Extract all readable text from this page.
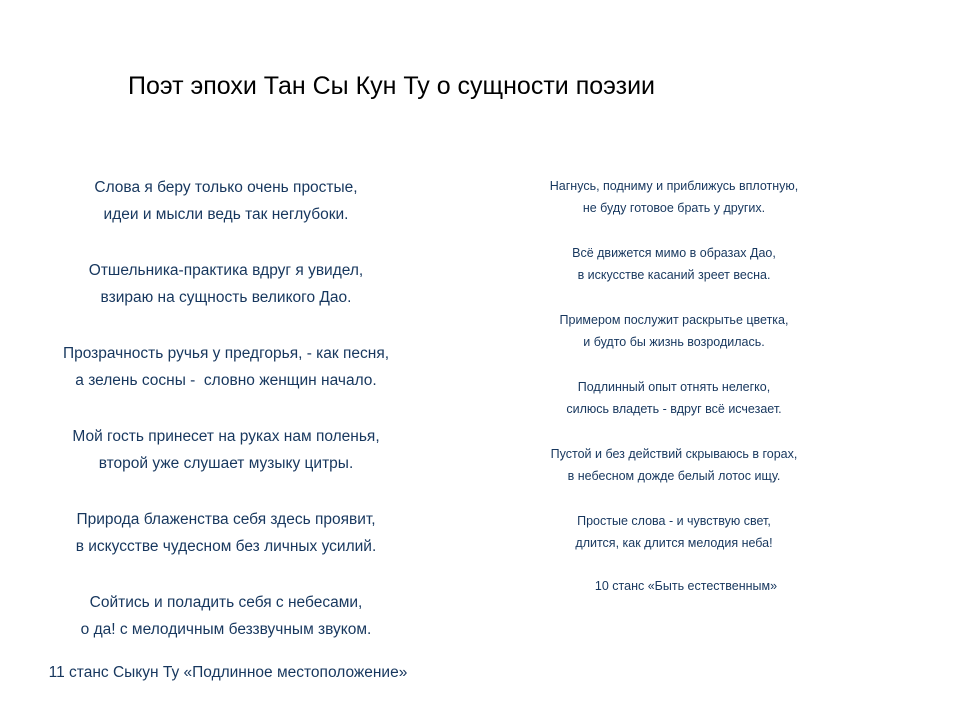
Поэт эпохи Тан Сы Кун Ту о сущности поэзии
Слова я беру только очень простые,
идеи и мысли ведь так неглубоки.
Отшельника-практика вдруг я увидел,
взираю на сущность великого Дао.
Прозрачность ручья у предгорья, - как песня,
а зелень сосны -  словно женщин начало.
Мой гость принесет на руках нам поленья,
второй уже слушает музыку цитры.
Природа блаженства себя здесь проявит,
в искусстве чудесном без личных усилий.
Сойтись и поладить себя с небесами,
о да! с мелодичным беззвучным звуком.
11 станс Сыкун Ту «Подлинное местоположение»
Нагнусь, подниму и приближусь вплотную,
не буду готовое брать у других.
Всё движется мимо в образах Дао,
в искусстве касаний зреет весна.
Примером послужит раскрытье цветка,
и будто бы жизнь возродилась.
Подлинный опыт отнять нелегко,
силюсь владеть - вдруг всё исчезает.
Пустой и без действий скрываюсь в горах,
в небесном дожде белый лотос ищу.
Простые слова - и чувствую свет,
длится, как длится мелодия неба!
10 станс «Быть естественным»
